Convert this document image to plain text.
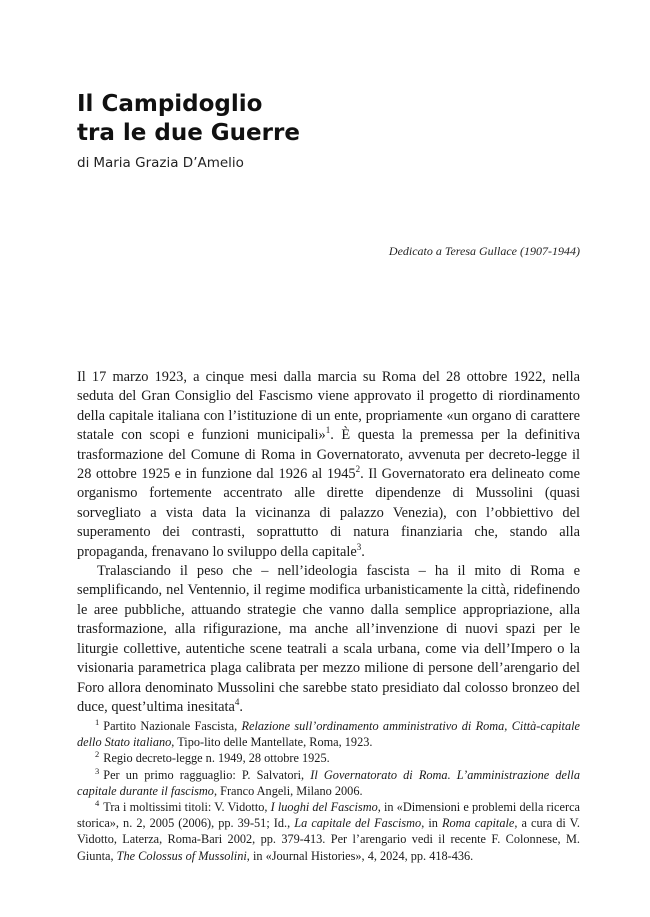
Il Campidoglio
tra le due Guerre
di Maria Grazia D’Amelio
Dedicato a Teresa Gullace (1907-1944)

Il 17 marzo 1923, a cinque mesi dalla marcia su Roma del 28 ottobre 1922, nella seduta del Gran Consiglio del Fascismo viene approvato il progetto di riordinamento della capitale italiana con l’istituzione di un ente, propriamente «un organo di carattere statale con scopi e funzioni municipali»$^1$. È questa la premessa per la definitiva trasformazione del Comune di Roma in Governatorato, avvenuta per decreto-legge il 28 ottobre 1925 e in funzione dal 1926 al 1945$^2$. Il Governatorato era delineato come organismo fortemente accentrato alle dirette dipendenze di Mussolini (quasi sorvegliato a vista data la vicinanza di palazzo Venezia), con l’obbiettivo del superamento dei contrasti, soprattutto di natura finanziaria che, stando alla propaganda, frenavano lo sviluppo della capitale$^3$.

Tralasciando il peso che – nell’ideologia fascista – ha il mito di Roma e semplificando, nel Ventennio, il regime modifica urbanisticamente la città, ridefinendo le aree pubbliche, attuando strategie che vanno dalla semplice appropriazione, alla trasformazione, alla rifigurazione, ma anche all’invenzione di nuovi spazi per le liturgie collettive, autentiche scene teatrali a scala urbana, come via dell’Impero o la visionaria parametrica plaga calibrata per mezzo milione di persone dell’arengario del Foro allora denominato Mussolini che sarebbe stato presidiato dal colosso bronzeo del duce, quest’ultima inesitata$^4$.

$^1$ Partito Nazionale Fascista, Relazione sull’ordinamento amministrativo di Roma, Città-capitale dello Stato italiano, Tipo-lito delle Mantellate, Roma, 1923.

$^2$ Regio decreto-legge n. 1949, 28 ottobre 1925.

$^3$ Per un primo ragguaglio: P. Salvatori, Il Governatorato di Roma. L’amministrazione della capitale durante il fascismo, Franco Angeli, Milano 2006.

$^4$ Tra i moltissimi titoli: V. Vidotto, I luoghi del Fascismo, in «Dimensioni e problemi della ricerca storica», n. 2, 2005 (2006), pp. 39-51; Id., La capitale del Fascismo, in Roma capitale, a cura di V. Vidotto, Laterza, Roma-Bari 2002, pp. 379-413. Per l’arengario vedi il recente F. Colonnese, M. Giunta, The Colossus of Mussolini, in «Journal Histories», 4, 2024, pp. 418-436.
